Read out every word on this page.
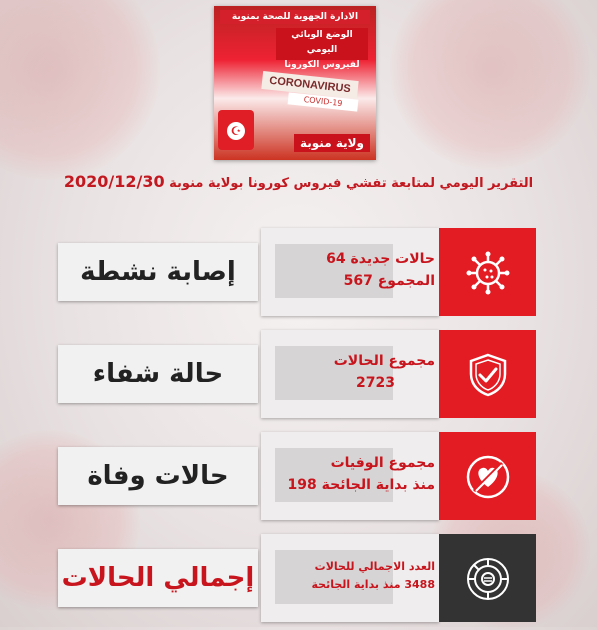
الادارة الجهوية للصحة بمنوبة
الوضع الوبائي اليومي
لفيروس الكورونا
CORONAVIRUS
COVID-19
☪
ولاية منوبة
التقرير اليومي لمتابعة تفشي فيروس كورونا بولاية منوبة 2020/12/30
إصابة نشطة	حالات جديدة 64
المجموع 567
حالة شفاء	مجموع الحالات
2723
حالات وفاة	مجموع الوفيات
منذ بداية الجائحة 198
إجمالي الحالات	العدد الاجمالي للحالات
3488 منذ بداية الجائحة
